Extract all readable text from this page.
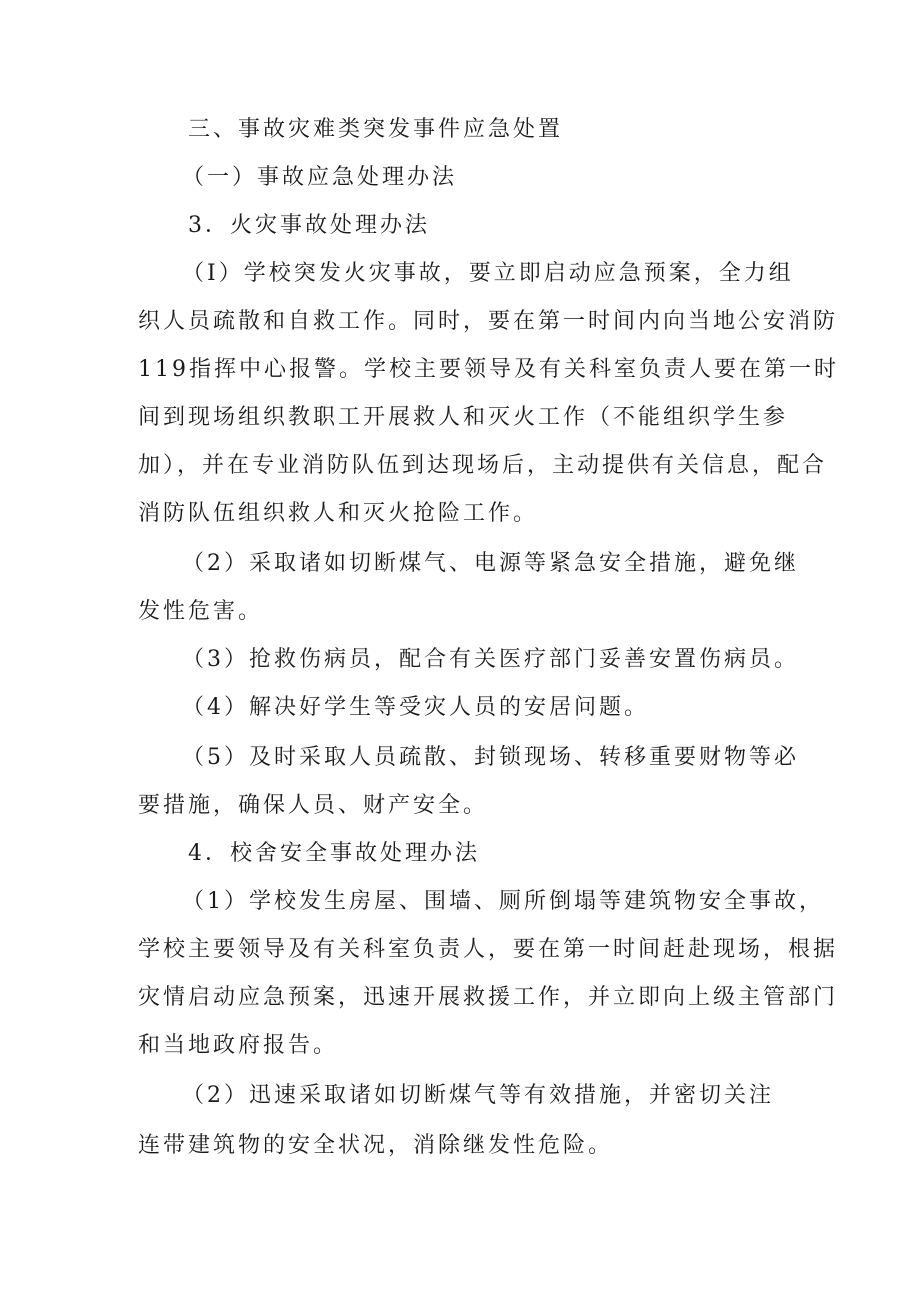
三、事故灾难类突发事件应急处置
（一）事故应急处理办法
3．火灾事故处理办法
（I）学校突发火灾事故，要立即启动应急预案，全力组
织人员疏散和自救工作。同时，要在第一时间内向当地公安消防
119指挥中心报警。学校主要领导及有关科室负责人要在第一时
间到现场组织教职工开展救人和灭火工作（不能组织学生参
加），并在专业消防队伍到达现场后，主动提供有关信息，配合
消防队伍组织救人和灭火抢险工作。
（2）采取诸如切断煤气、电源等紧急安全措施，避免继
发性危害。
（3）抢救伤病员，配合有关医疗部门妥善安置伤病员。
（4）解决好学生等受灾人员的安居问题。
（5）及时采取人员疏散、封锁现场、转移重要财物等必
要措施，确保人员、财产安全。
4．校舍安全事故处理办法
（1）学校发生房屋、围墙、厕所倒塌等建筑物安全事故，
学校主要领导及有关科室负责人，要在第一时间赶赴现场，根据
灾情启动应急预案，迅速开展救援工作，并立即向上级主管部门
和当地政府报告。
（2）迅速采取诸如切断煤气等有效措施，并密切关注
连带建筑物的安全状况，消除继发性危险。
